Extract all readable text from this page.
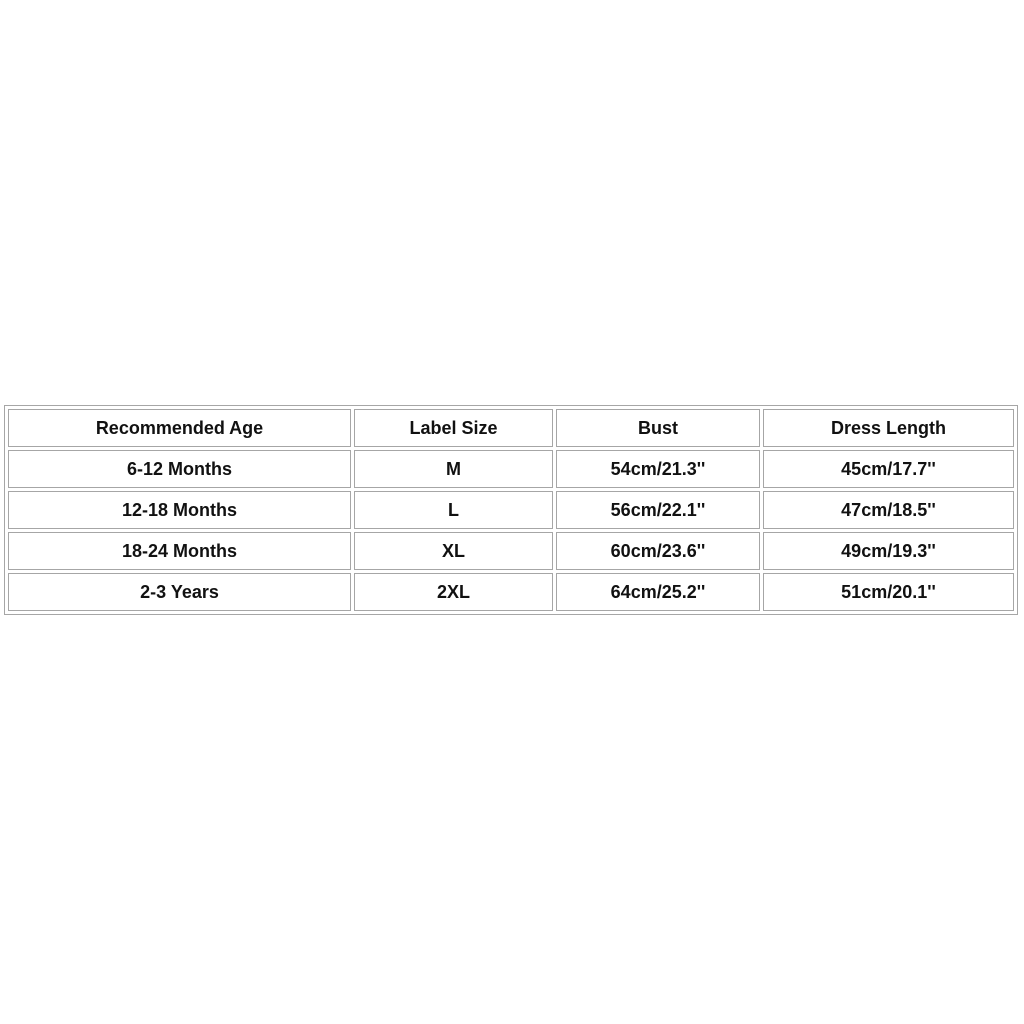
Recommended Age	Label Size	Bust	Dress Length
6-12 Months	M	54cm/21.3''	45cm/17.7''
12-18 Months	L	56cm/22.1''	47cm/18.5''
18-24 Months	XL	60cm/23.6''	49cm/19.3''
2-3 Years	2XL	64cm/25.2''	51cm/20.1''
